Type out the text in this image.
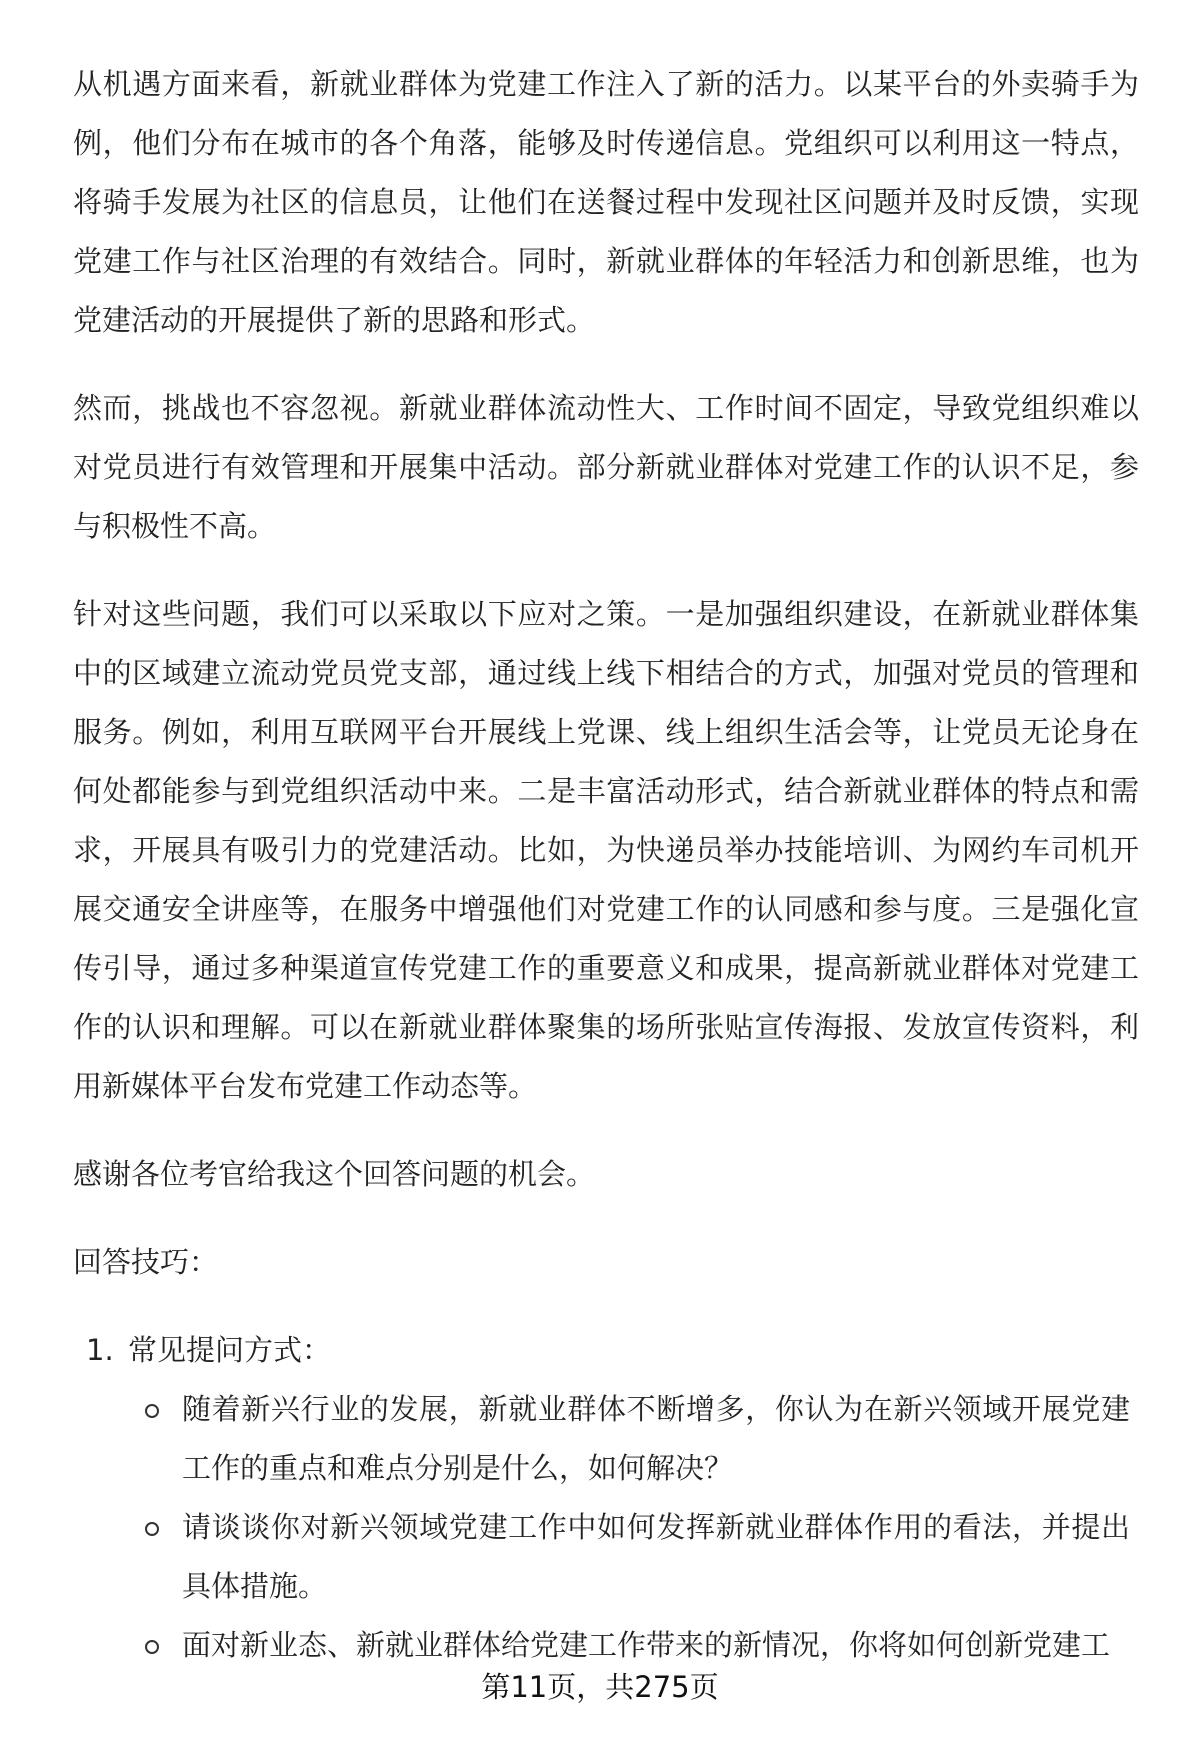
从机遇方面来看，新就业群体为党建工作注入了新的活力。以某平台的外卖骑手为
例，他们分布在城市的各个角落，能够及时传递信息。党组织可以利用这一特点，
将骑手发展为社区的信息员，让他们在送餐过程中发现社区问题并及时反馈，实现
党建工作与社区治理的有效结合。同时，新就业群体的年轻活力和创新思维，也为
党建活动的开展提供了新的思路和形式。
然而，挑战也不容忽视。新就业群体流动性大、工作时间不固定，导致党组织难以
对党员进行有效管理和开展集中活动。部分新就业群体对党建工作的认识不足，参
与积极性不高。
针对这些问题，我们可以采取以下应对之策。一是加强组织建设，在新就业群体集
中的区域建立流动党员党支部，通过线上线下相结合的方式，加强对党员的管理和
服务。例如，利用互联网平台开展线上党课、线上组织生活会等，让党员无论身在
何处都能参与到党组织活动中来。二是丰富活动形式，结合新就业群体的特点和需
求，开展具有吸引力的党建活动。比如，为快递员举办技能培训、为网约车司机开
展交通安全讲座等，在服务中增强他们对党建工作的认同感和参与度。三是强化宣
传引导，通过多种渠道宣传党建工作的重要意义和成果，提高新就业群体对党建工
作的认识和理解。可以在新就业群体聚集的场所张贴宣传海报、发放宣传资料，利
用新媒体平台发布党建工作动态等。
感谢各位考官给我这个回答问题的机会。
回答技巧：
1. 常见提问方式：
随着新兴行业的发展，新就业群体不断增多，你认为在新兴领域开展党建
工作的重点和难点分别是什么，如何解决？
请谈谈你对新兴领域党建工作中如何发挥新就业群体作用的看法，并提出
具体措施。
面对新业态、新就业群体给党建工作带来的新情况，你将如何创新党建工
第11页，共275页
